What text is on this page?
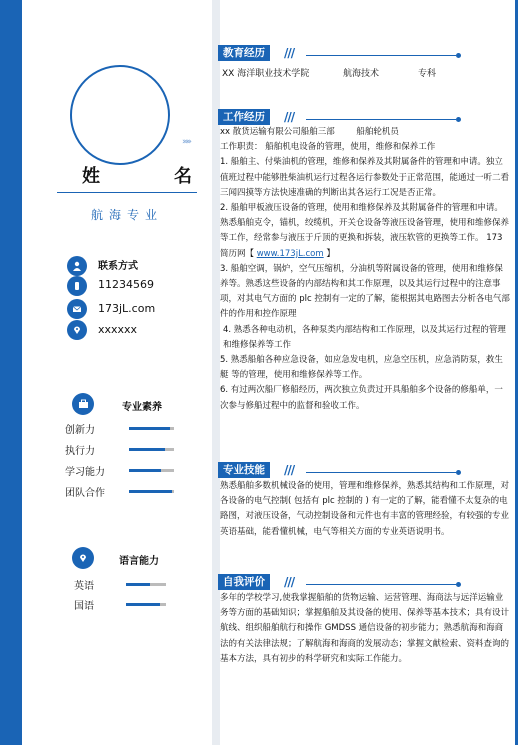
姓	名
航海专业
联系方式
11234569
173jL.com
xxxxxx
专业素养
创新力
执行力
学习能力
团队合作
语言能力
英语
国语
›››››
教育经历	///
XX 海洋职业技术学院	航海技术	专科
工作经历	///
xx 散货运输有限公司船舶三部        船舶轮机员
工作职责： 船舶机电设备的管理，使用，维修和保养工作
1. 船舶主、付柴油机的管理，维修和保养及其附属备件的管理和申请。独立值班过程中能够胜柴油机运行过程各运行参数处于正常范围，能通过一听二看三闻四摸等方法快速准确的判断出其各运行工况是否正常。
2. 船舶甲板液压设备的管理，使用和维修保养及其附属备件的管理和申请。熟悉船舶克令，锚机，绞缆机，开关仓设备等液压设备管理，使用和维修保养等工作，经常参与液压于斤顶的更换和拆装，液压软管的更换等工作。 173 简历网【 www.173jL.com 】
3. 船舶空调，锅炉，空气压缩机，分油机等附属设备的管理，使用和维修保养等。熟悉这些设备的内部结构和其工作原理，以及其运行过程中的注意事项，对其电气方面的 plc 控制有一定的了解，能根据其电路图去分析各电气部件的作用和控作原理
4. 熟悉各种电动机，各种泵类内部结构和工作原理，以及其运行过程的管理和维修保养等工作
5. 熟悉船舶各种应急设备，如应急发电机，应急空压机，应急消防泵，救生艇 等的管理，使用和维修保养等工作。
6. 有过两次船厂修船经历，两次独立负责过开具船舶多个设备的修船单，一次参与修船过程中的监督和验收工作。
专业技能	///
熟悉船舶多数机械设备的使用，管理和维修保养，熟悉其结构和工作原理，对各设备的电气控制( 包括有 plc 控制的 ) 有一定的了解，能看懂不太复杂的电路图，对液压设备，气动控制设备和元件也有丰富的管理经验，有较强的专业英语基础，能看懂机械，电气等相关方面的专业英语说明书。
自我评价	///
多年的学校学习,使我掌握船舶的货物运输、运营管理、海商法与远洋运输业务等方面的基础知识；掌握船舶及其设备的使用、保养等基本技术；具有设计航线、组织船舶航行和操作 GMDSS 通信设备的初步能力；熟悉航海和海商法的有关法律法规；了解航海和海商的发展动态；掌握文献检索、资料查询的基本方法，具有初步的科学研究和实际工作能力。
